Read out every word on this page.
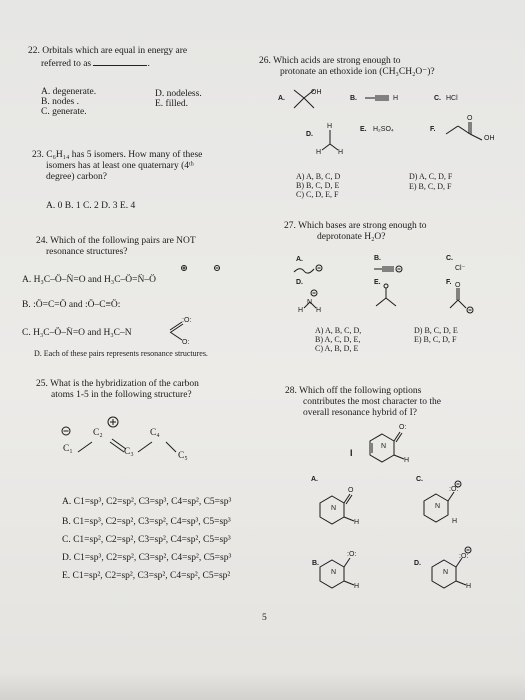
22. Orbitals which are equal in energy are
referred to as	.
A. degenerate.
B. nodes .
C. generate.
D. nodeless.
E. filled.
23. C₆H₁₄ has 5 isomers. How many of these
isomers has at least one quaternary (4ᵗʰ
degree) carbon?
A. 0 B. 1 C. 2 D. 3 E. 4
24. Which of the following pairs are NOT
resonance structures?
A. H₃C–Ö–N̈=O and H₃C–Ö=N̈–Ö
B. :Ö=C=Ö and :Ö–C≡Ö:
C. H₃C–Ö–N̈=O and H₃C–N
:O:
O:
D. Each of these pairs represents resonance structures.
25. What is the hybridization of the carbon
atoms 1-5 in the following structure?
C₁
C₂
C₃
C₄
C₅
A. C1=sp³, C2=sp², C3=sp³, C4=sp², C5=sp³
B. C1=sp³, C2=sp², C3=sp², C4=sp³, C5=sp³
C. C1=sp², C2=sp², C3=sp², C4=sp², C5=sp³
D. C1=sp³, C2=sp², C3=sp², C4=sp², C5=sp³
E. C1=sp², C2=sp², C3=sp², C4=sp², C5=sp²
5
26. Which acids are strong enough to
protonate an ethoxide ion (CH₃CH₂O⁻)?
A.
OH
B.	H	C. HCl
D.
H
H H
E. H₂SO₄	F.
O
OH
A) A, B, C, D
B) B, C, D, E
C) C, D, E, F
D) A, C, D, F
E) B, C, D, F
27. Which bases are strong enough to
deprotonate H₂O?
A.	B.	C.
Cl⁻
D.
N
H H
E.	F. O
A) A, B, C, D,
B) A, C, D, E,
C) A, B, D, E
D) B, C, D, E
E) B, C, D, F
28. Which off the following options
contributes the most character to the
overall resonance hybrid of I?
I
O:
N
H
A.
O
N
H
C.
:O:
N
H
B.
:O:
N
H
D.
:O:
N
H
